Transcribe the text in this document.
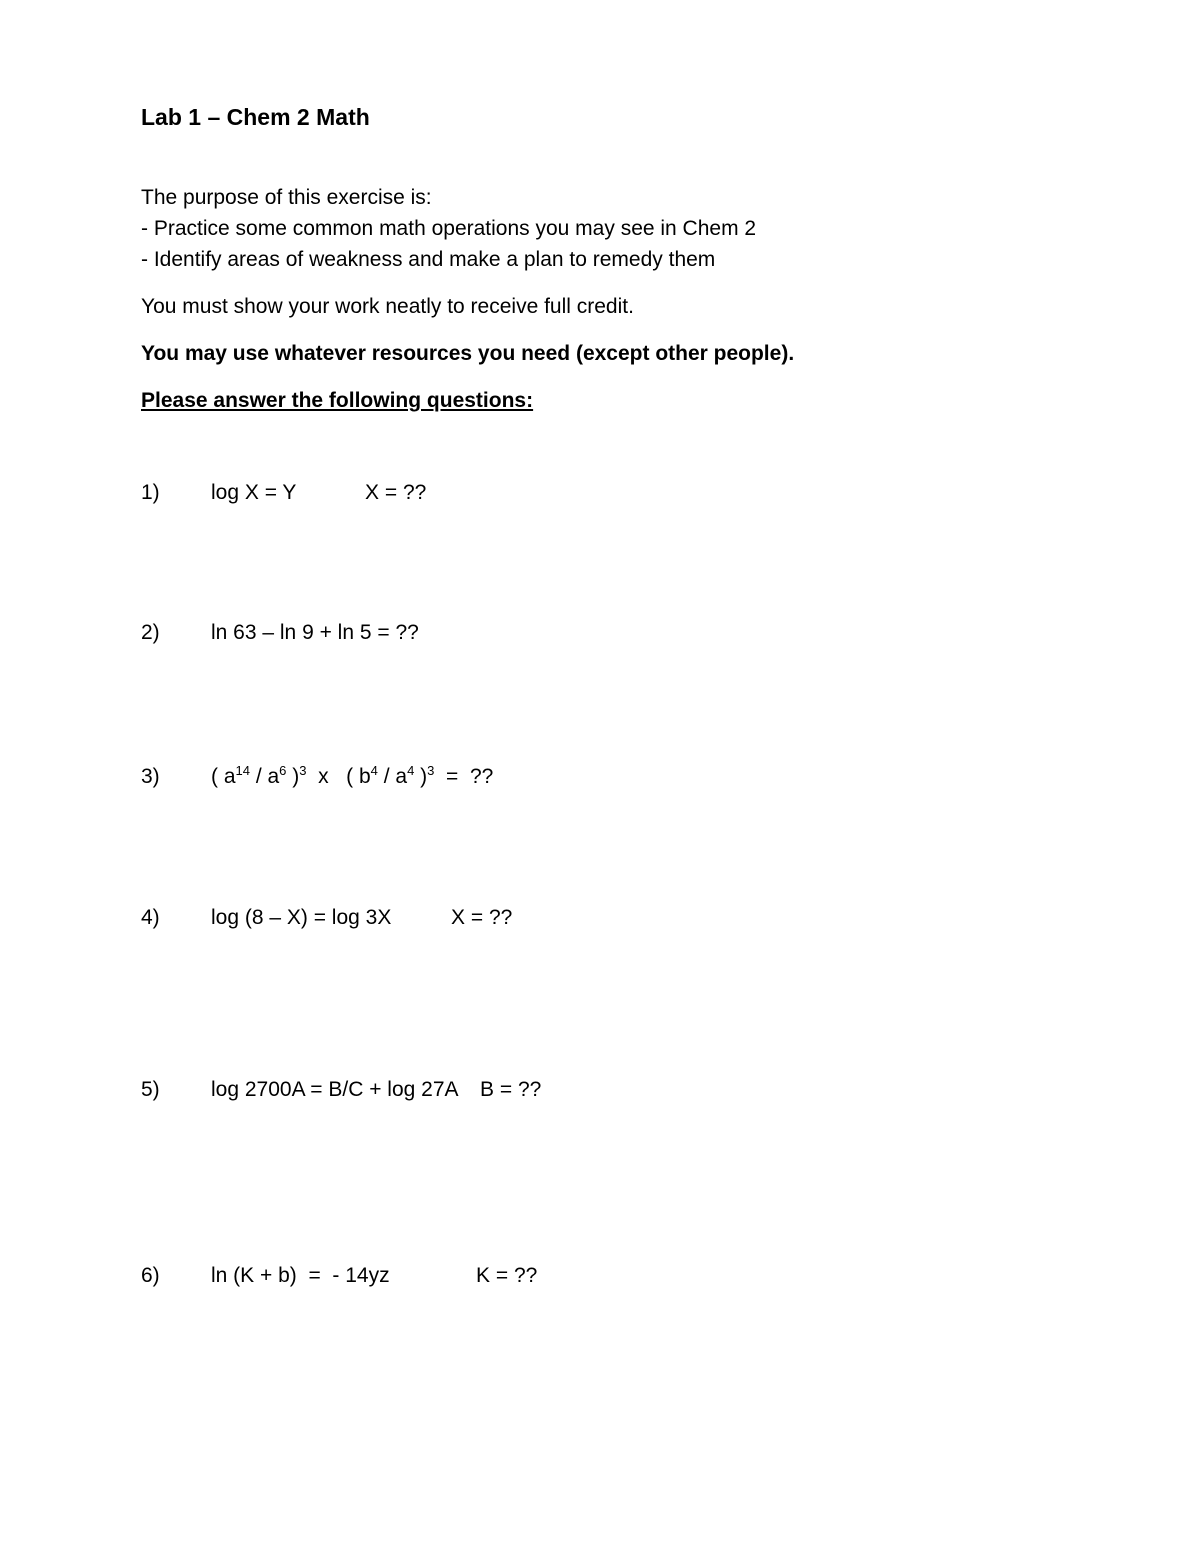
Lab 1 – Chem 2 Math
The purpose of this exercise is:
- Practice some common math operations you may see in Chem 2
- Identify areas of weakness and make a plan to remedy them
You must show your work neatly to receive full credit.
You may use whatever resources you need (except other people).
Please answer the following questions:
1) log X = Y	X = ??
2) ln 63 – ln 9 + ln 5 = ??
3) ( $a^{14} / a^6$ )$^3$  x   ( $b^4 / a^4$ )$^3$  =  ??
4) log (8 – X) = log 3X	X = ??
5) log 2700A = B/C + log 27A B = ??
6) ln (K + b)  =  - 14yz	K = ??
